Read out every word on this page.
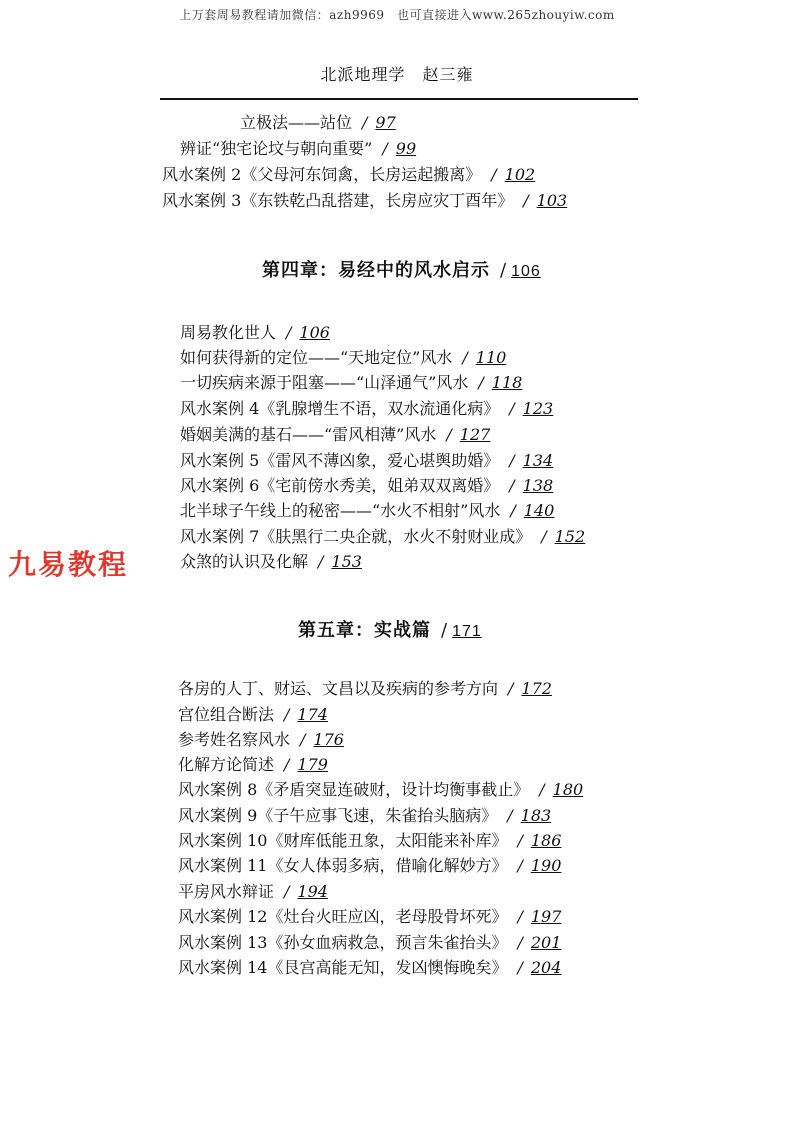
上万套周易教程请加微信：azh9969　也可直接进入www.265zhouyiw.com
北派地理学　赵三雍
立极法——站位 / 97
辨证“独宅论坟与朝向重要” / 99
风水案例 2《父母河东饲禽，长房运起搬离》 / 102
风水案例 3《东铁乾凸乱搭建，长房应灾丁酉年》 / 103
第四章：易经中的风水启示 / 106
周易教化世人 / 106
如何获得新的定位——“天地定位”风水 / 110
一切疾病来源于阻塞——“山泽通气”风水 / 118
风水案例 4《乳腺增生不语，双水流通化病》 / 123
婚姻美满的基石——“雷风相薄”风水 / 127
风水案例 5《雷风不薄凶象，爱心堪舆助婚》 / 134
风水案例 6《宅前傍水秀美，姐弟双双离婚》 / 138
北半球子午线上的秘密——“水火不相射”风水 / 140
风水案例 7《肤黑行二央企就，水火不射财业成》 / 152
众煞的认识及化解 / 153
九易教程
第五章：实战篇 / 171
各房的人丁、财运、文昌以及疾病的参考方向 / 172
宫位组合断法 / 174
参考姓名察风水 / 176
化解方论简述 / 179
风水案例 8《矛盾突显连破财，设计均衡事截止》 / 180
风水案例 9《子午应事飞速，朱雀抬头脑病》 / 183
风水案例 10《财库低能丑象，太阳能来补库》 / 186
风水案例 11《女人体弱多病，借喻化解妙方》 / 190
平房风水辩证 / 194
风水案例 12《灶台火旺应凶，老母股骨坏死》 / 197
风水案例 13《孙女血病救急，预言朱雀抬头》 / 201
风水案例 14《艮宫高能无知，发凶懊悔晚矣》 / 204
